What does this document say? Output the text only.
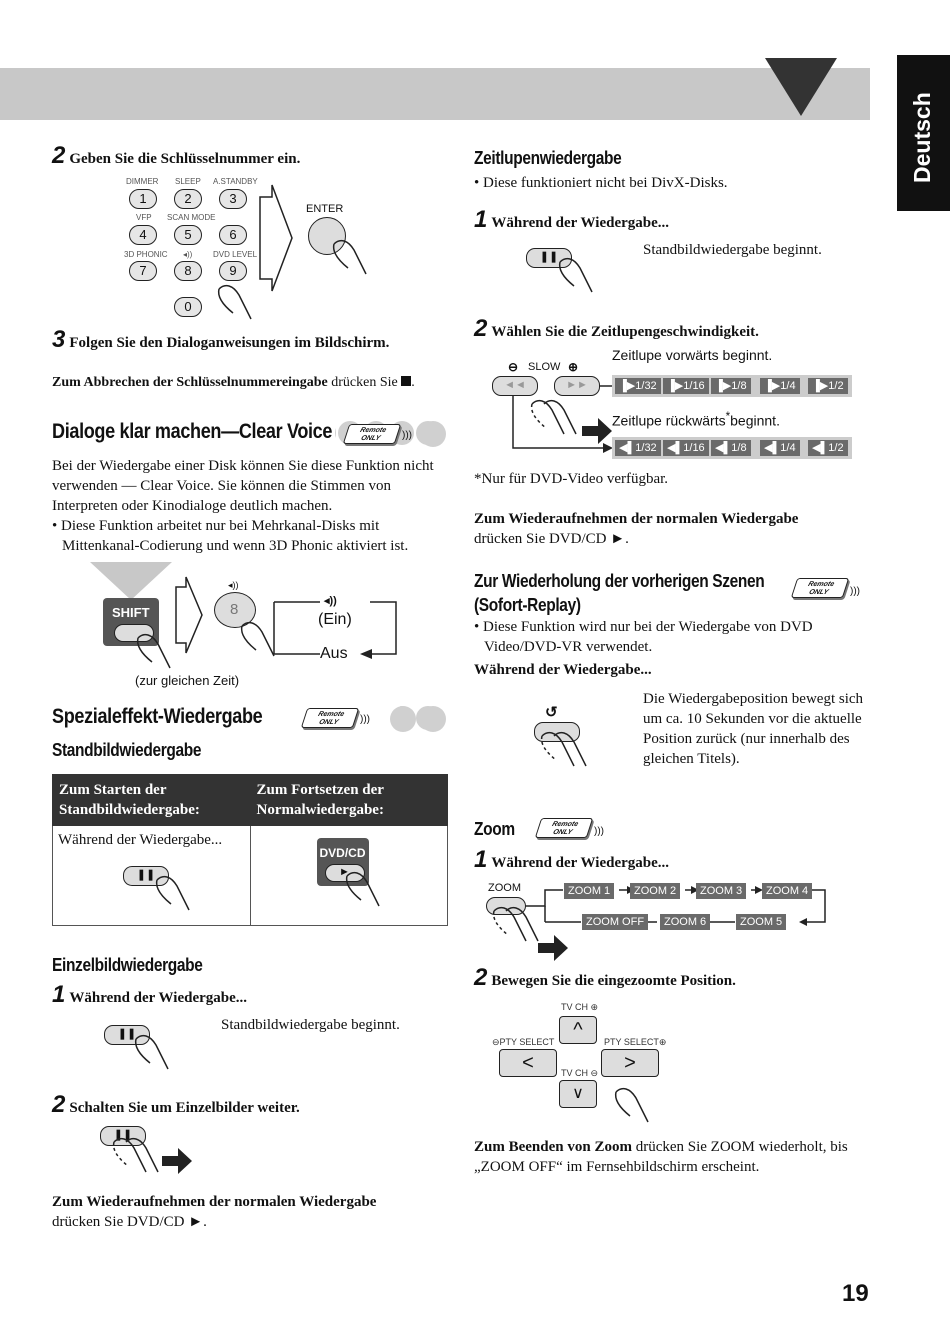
Deutsch
2 Geben Sie die Schlüsselnummer ein.
DIMMER SLEEP A.STANDBY
1	2	3
VFP SCAN MODE
4	5	6
3D PHONIC ◂))	DVD LEVEL
7	8	9
0
ENTER
3 Folgen Sie den Dialoganweisungen im Bildschirm.
Zum Abbrechen der Schlüsselnummereingabe drücken Sie .
Dialoge klar machen—Clear Voice	Remote
ONLY	)))

Bei der Wiedergabe einer Disk können Sie diese Funktion nicht verwenden — Clear Voice. Sie können die Stimmen von Interpreten oder Kinodialoge deutlich machen.

• Diese Funktion arbeitet nur bei Mehrkanal-Disks mit Mittenkanal-Codierung und wenn 3D Phonic aktiviert ist.

SHIFT
◂))
8	◂))
(Ein)
Aus
(zur gleichen Zeit)
Spezialeffekt-Wiedergabe	Remote
ONLY	)))
Standbildwiedergabe
Zum Starten der Standbildwiedergabe:	Zum Fortsetzen der Normalwiedergabe:
Während der Wiedergabe...
❚❚	DVD/CD
►
Einzelbildwiedergabe
1 Während der Wiedergabe...
Standbildwiedergabe beginnt.
❚❚
2 Schalten Sie um Einzelbilder weiter.
❚❚
Zum Wiederaufnehmen der normalen Wiedergabe
drücken Sie DVD/CD ►.
Zeitlupenwiedergabe

• Diese funktioniert nicht bei DivX-Disks.

1 Während der Wiedergabe...
Standbildwiedergabe beginnt.
❚❚
2 Wählen Sie die Zeitlupengeschwindigkeit.
⊖ SLOW ⊕
◄◄	►►
Zeitlupe vorwärts beginnt.
▐▶1/32 ▐▶1/16 ▐▶1/8	▐▶1/4	▐▶1/2
Zeitlupe rückwärts*beginnt.
◀▌1/32 ◀▌1/16 ◀▌1/8	◀▌1/4	◀▌1/2

*Nur für DVD-Video verfügbar.

Zum Wiederaufnehmen der normalen Wiedergabe
drücken Sie DVD/CD ►.
Zur Wiederholung der vorherigen Szenen
(Sofort-Replay)
Remote
ONLY	)))

• Diese Funktion wird nur bei der Wiedergabe von DVD Video/DVD-VR verwendet.

Während der Wiedergabe...

↺

Die Wiedergabeposition bewegt sich um ca. 10 Sekunden vor die aktuelle Position zurück (nur innerhalb des gleichen Titels).

Zoom	Remote
ONLY	)))
1 Während der Wiedergabe...
ZOOM	ZOOM 1	ZOOM 2	ZOOM 3	ZOOM 4
ZOOM OFF	ZOOM 6	ZOOM 5
2 Bewegen Sie die eingezoomte Position.
TV CH ⊕
^
⊖PTY SELECT	PTY SELECT⊕
<	>
TV CH ⊖
∨
Zum Beenden von Zoom drücken Sie ZOOM wiederholt, bis „ZOOM OFF“ im Fernsehbildschirm erscheint.
19
